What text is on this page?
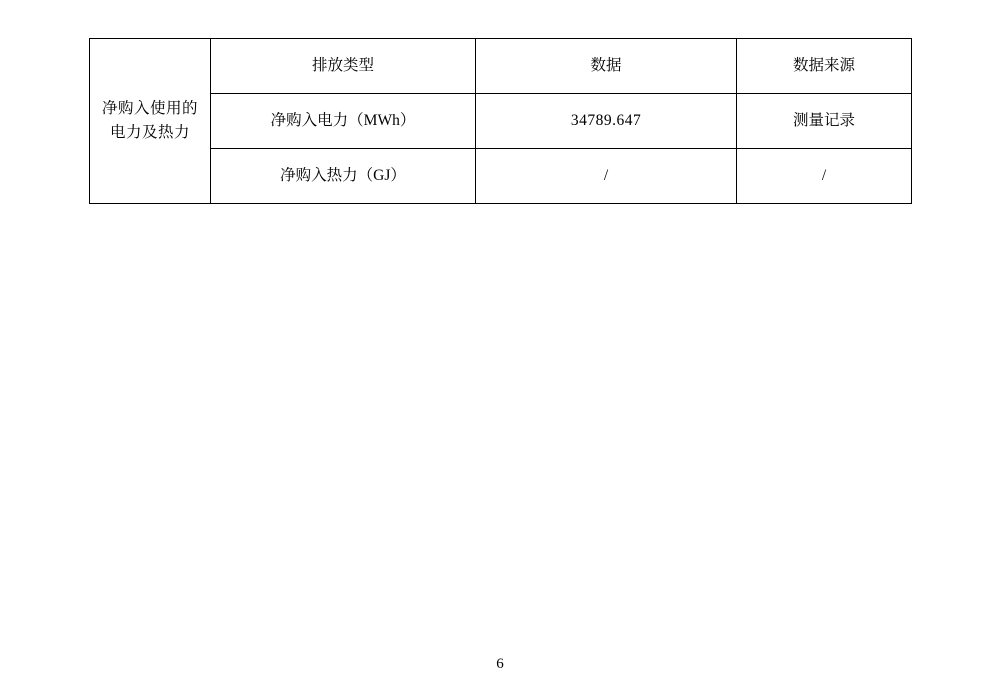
净购入使用的电力及热力	排放类型	数据	数据来源
	净购入电力（MWh）	34789.647	测量记录
	净购入热力（GJ）	/	/
6
